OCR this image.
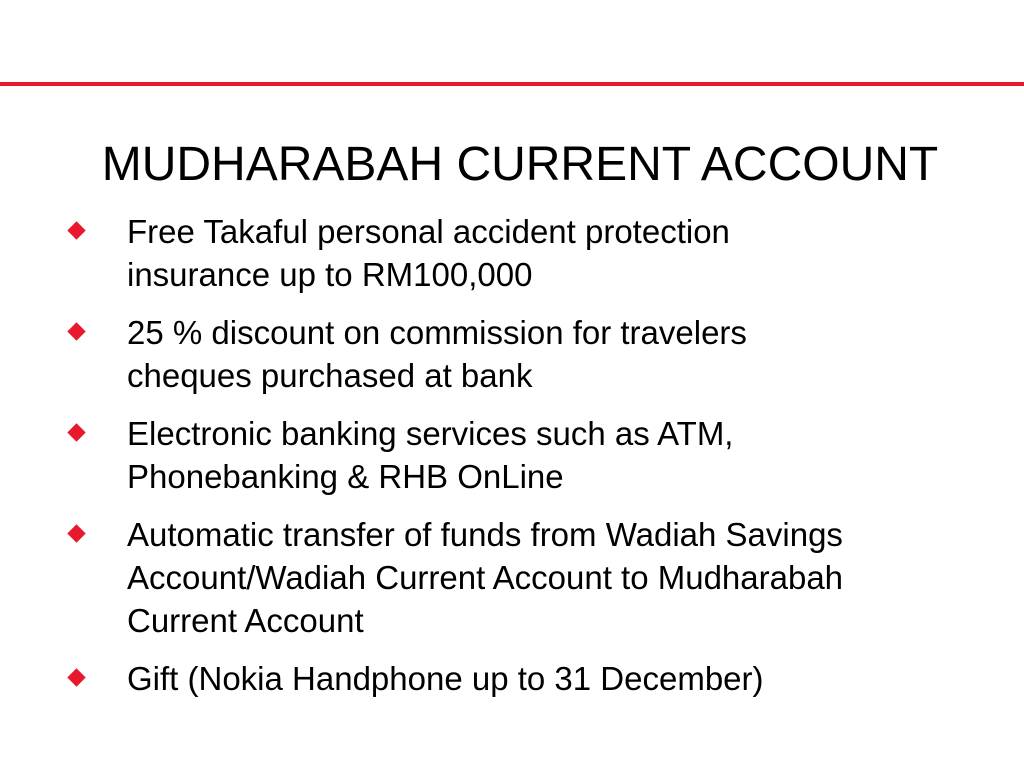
MUDHARABAH CURRENT ACCOUNT
Free Takaful personal accident protection
insurance up to RM100,000
25 % discount on commission for travelers
cheques purchased at bank
Electronic banking services such as ATM,
Phonebanking & RHB OnLine
Automatic transfer of funds from Wadiah Savings
Account/Wadiah Current Account to Mudharabah
Current Account
Gift (Nokia Handphone up to 31 December)
